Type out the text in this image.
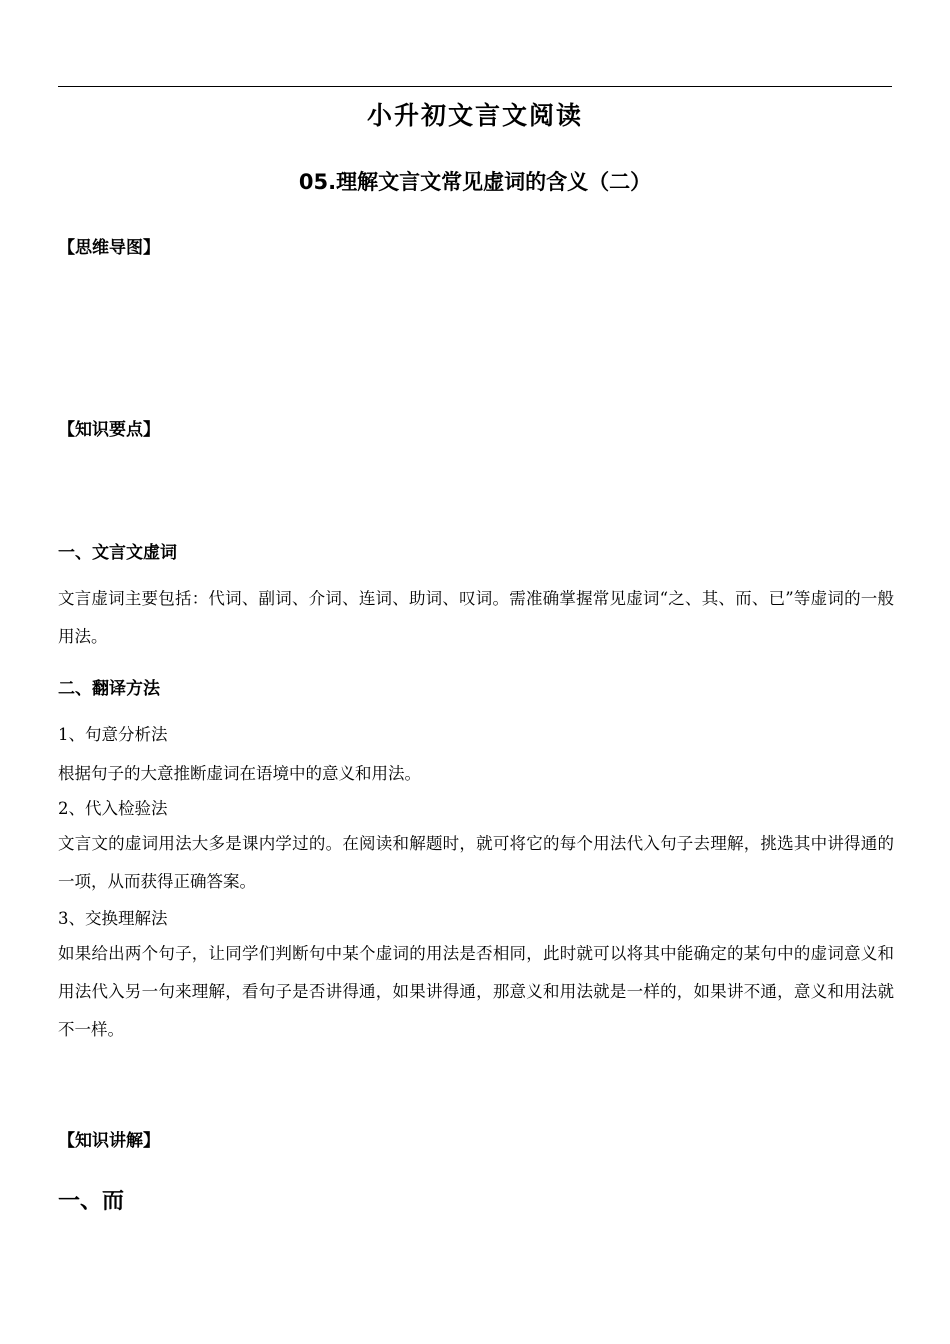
小升初文言文阅读
05.理解文言文常见虚词的含义（二）
【思维导图】
【知识要点】
一、文言文虚词
文言虚词主要包括：代词、副词、介词、连词、助词、叹词。需准确掌握常见虚词“之、其、而、已”等虚词的一般用法。
二、翻译方法
1、句意分析法
根据句子的大意推断虚词在语境中的意义和用法。
2、代入检验法
文言文的虚词用法大多是课内学过的。在阅读和解题时，就可将它的每个用法代入句子去理解，挑选其中讲得通的一项，从而获得正确答案。
3、交换理解法
如果给出两个句子，让同学们判断句中某个虚词的用法是否相同，此时就可以将其中能确定的某句中的虚词意义和用法代入另一句来理解，看句子是否讲得通，如果讲得通，那意义和用法就是一样的，如果讲不通，意义和用法就不一样。
【知识讲解】
一、而
